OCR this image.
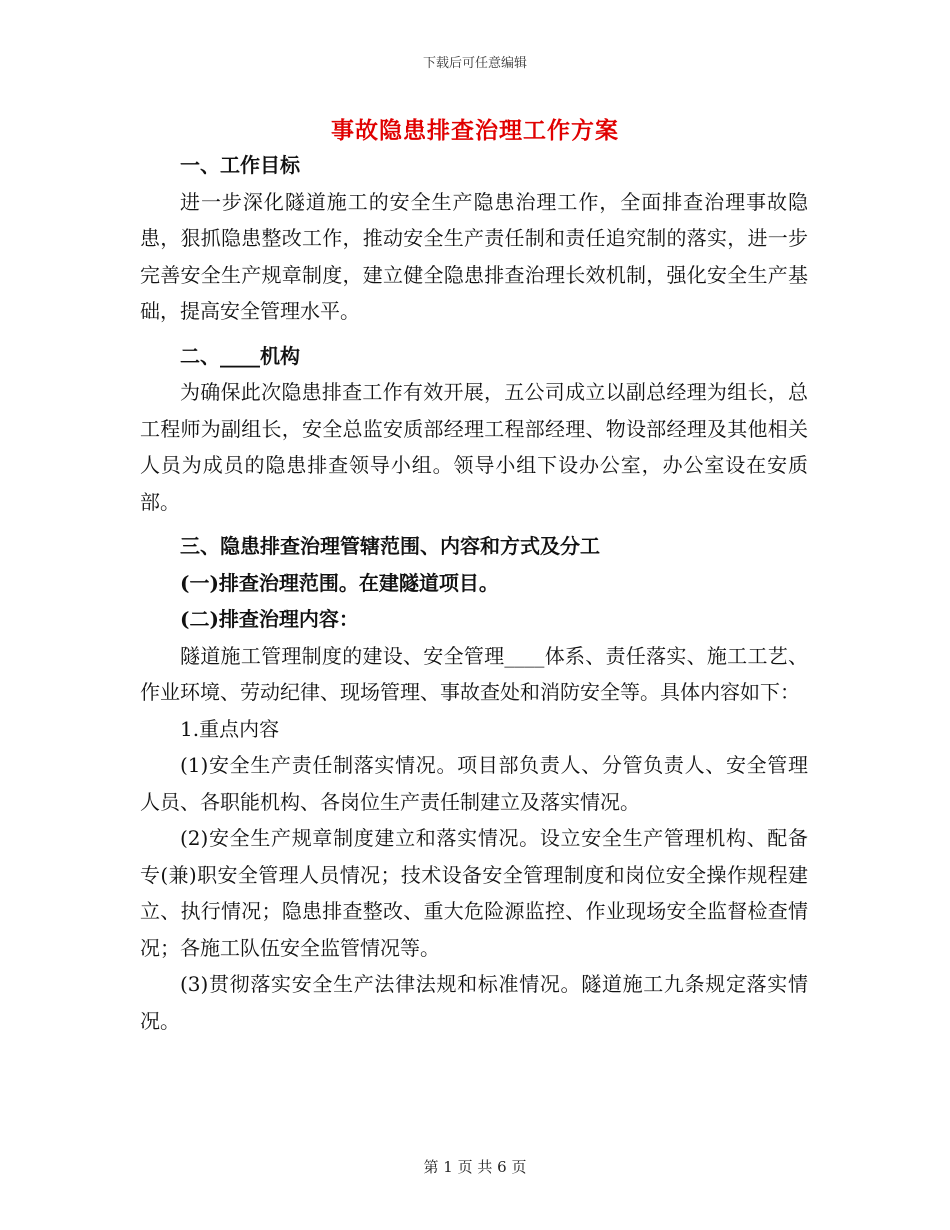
下载后可任意编辑
事故隐患排查治理工作方案

一、工作目标

进一步深化隧道施工的安全生产隐患治理工作，全面排查治理事故隐患，狠抓隐患整改工作，推动安全生产责任制和责任追究制的落实，进一步完善安全生产规章制度，建立健全隐患排查治理长效机制，强化安全生产基础，提高安全管理水平。

二、____机构

为确保此次隐患排查工作有效开展，五公司成立以副总经理为组长，总工程师为副组长，安全总监安质部经理工程部经理、物设部经理及其他相关人员为成员的隐患排查领导小组。领导小组下设办公室，办公室设在安质部。

三、隐患排查治理管辖范围、内容和方式及分工

(一)排查治理范围。在建隧道项目。

(二)排查治理内容：

隧道施工管理制度的建设、安全管理____体系、责任落实、施工工艺、作业环境、劳动纪律、现场管理、事故查处和消防安全等。具体内容如下：

1.重点内容

(1)安全生产责任制落实情况。项目部负责人、分管负责人、安全管理人员、各职能机构、各岗位生产责任制建立及落实情况。

(2)安全生产规章制度建立和落实情况。设立安全生产管理机构、配备专(兼)职安全管理人员情况；技术设备安全管理制度和岗位安全操作规程建立、执行情况；隐患排查整改、重大危险源监控、作业现场安全监督检查情况；各施工队伍安全监管情况等。

(3)贯彻落实安全生产法律法规和标准情况。隧道施工九条规定落实情况。

第 1 页 共 6 页
